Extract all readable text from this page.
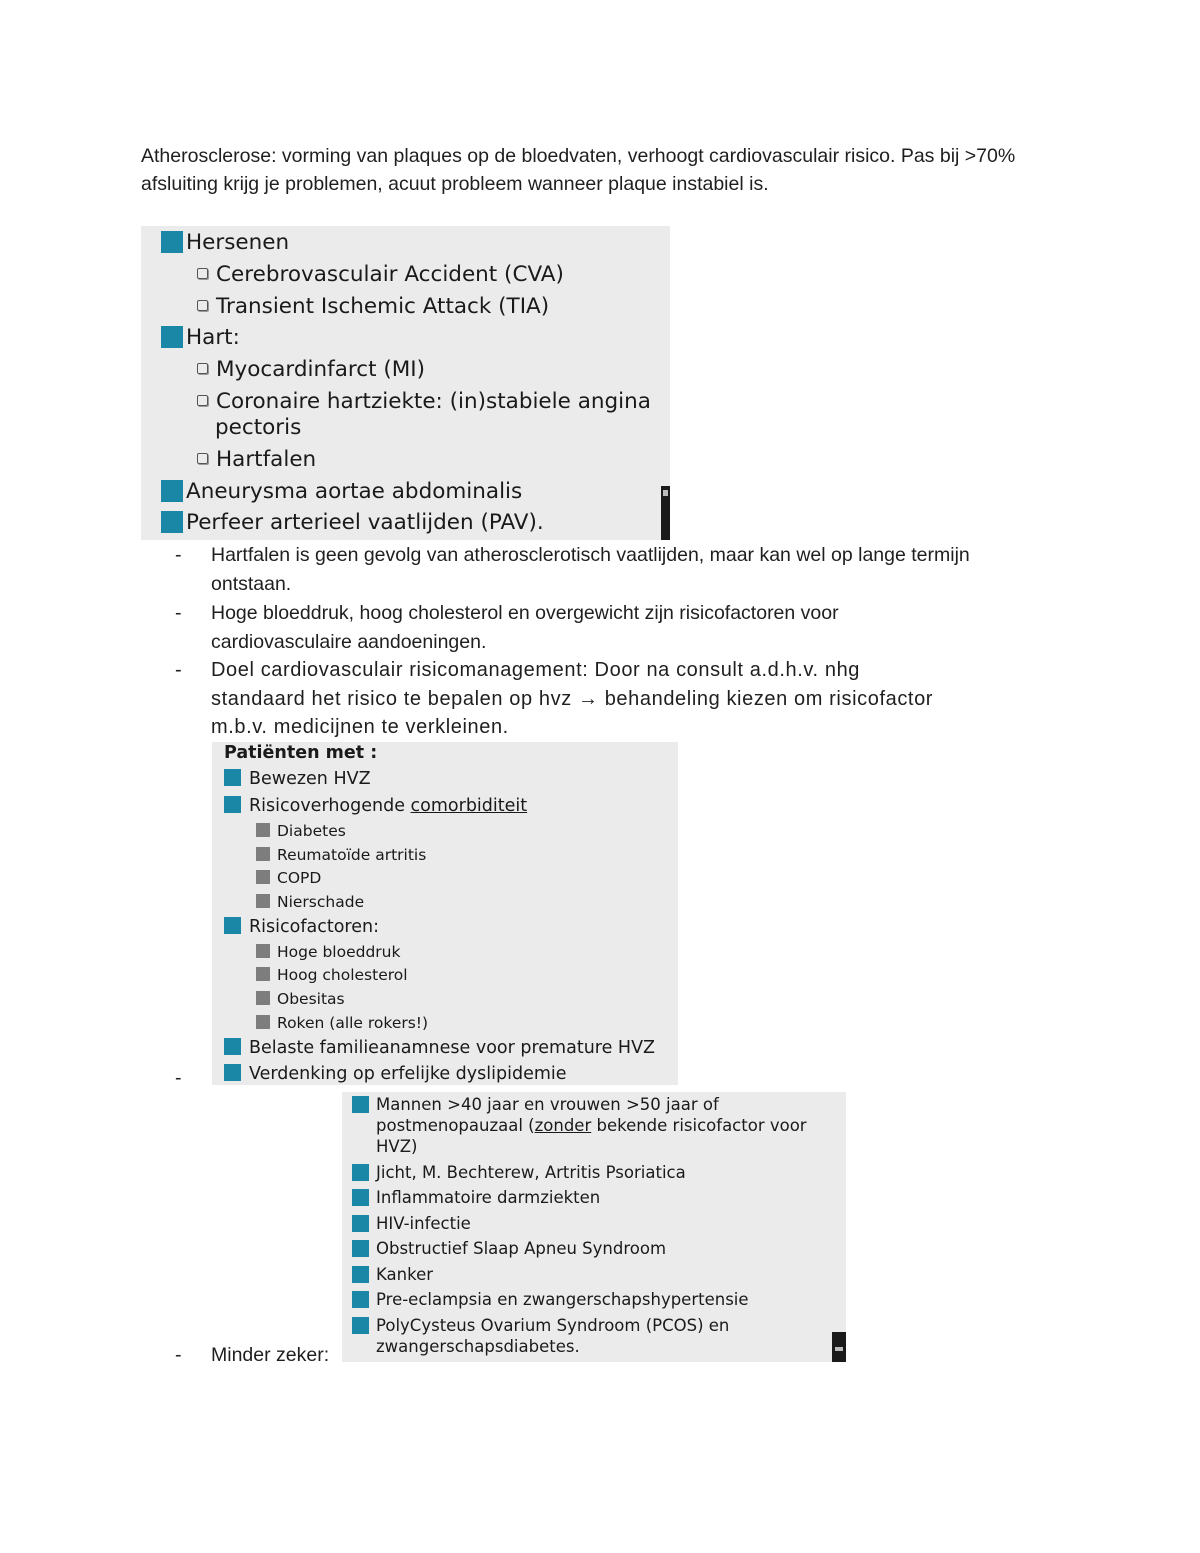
Atherosclerose: vorming van plaques op de bloedvaten, verhoogt cardiovasculair risico. Pas bij >70% afsluiting krijg je problemen, acuut probleem wanneer plaque instabiel is.

Hersenen
Cerebrovasculair Accident (CVA)
Transient Ischemic Attack (TIA)
Hart:
Myocardinfarct (MI)
Coronaire hartziekte: (in)stabiele angina
pectoris
Hartfalen
Aneurysma aortae abdominalis
Perfeer arterieel vaatlijden (PAV).
- Hartfalen is geen gevolg van atherosclerotisch vaatlijden, maar kan wel op lange termijn
ontstaan.
- Hoge bloeddruk, hoog cholesterol en overgewicht zijn risicofactoren voor
cardiovasculaire aandoeningen.
- Doel cardiovasculair risicomanagement: Door na consult a.d.h.v. nhg
standaard het risico te bepalen op hvz → behandeling kiezen om risicofactor
m.b.v. medicijnen te verkleinen.
-
Patiënten met :
Bewezen HVZ
Risicoverhogende comorbiditeit
Diabetes
Reumatoïde artritis
COPD
Nierschade
Risicofactoren:
Hoge bloeddruk
Hoog cholesterol
Obesitas
Roken (alle rokers!)
Belaste familieanamnese voor premature HVZ
Verdenking op erfelijke dyslipidemie
Mannen >40 jaar en vrouwen >50 jaar of
postmenopauzaal (zonder bekende risicofactor voor
HVZ)
Jicht, M. Bechterew, Artritis Psoriatica
Inflammatoire darmziekten
HIV-infectie
Obstructief Slaap Apneu Syndroom
Kanker
Pre-eclampsia en zwangerschapshypertensie
PolyCysteus Ovarium Syndroom (PCOS) en
zwangerschapsdiabetes.
- Minder zeker:
